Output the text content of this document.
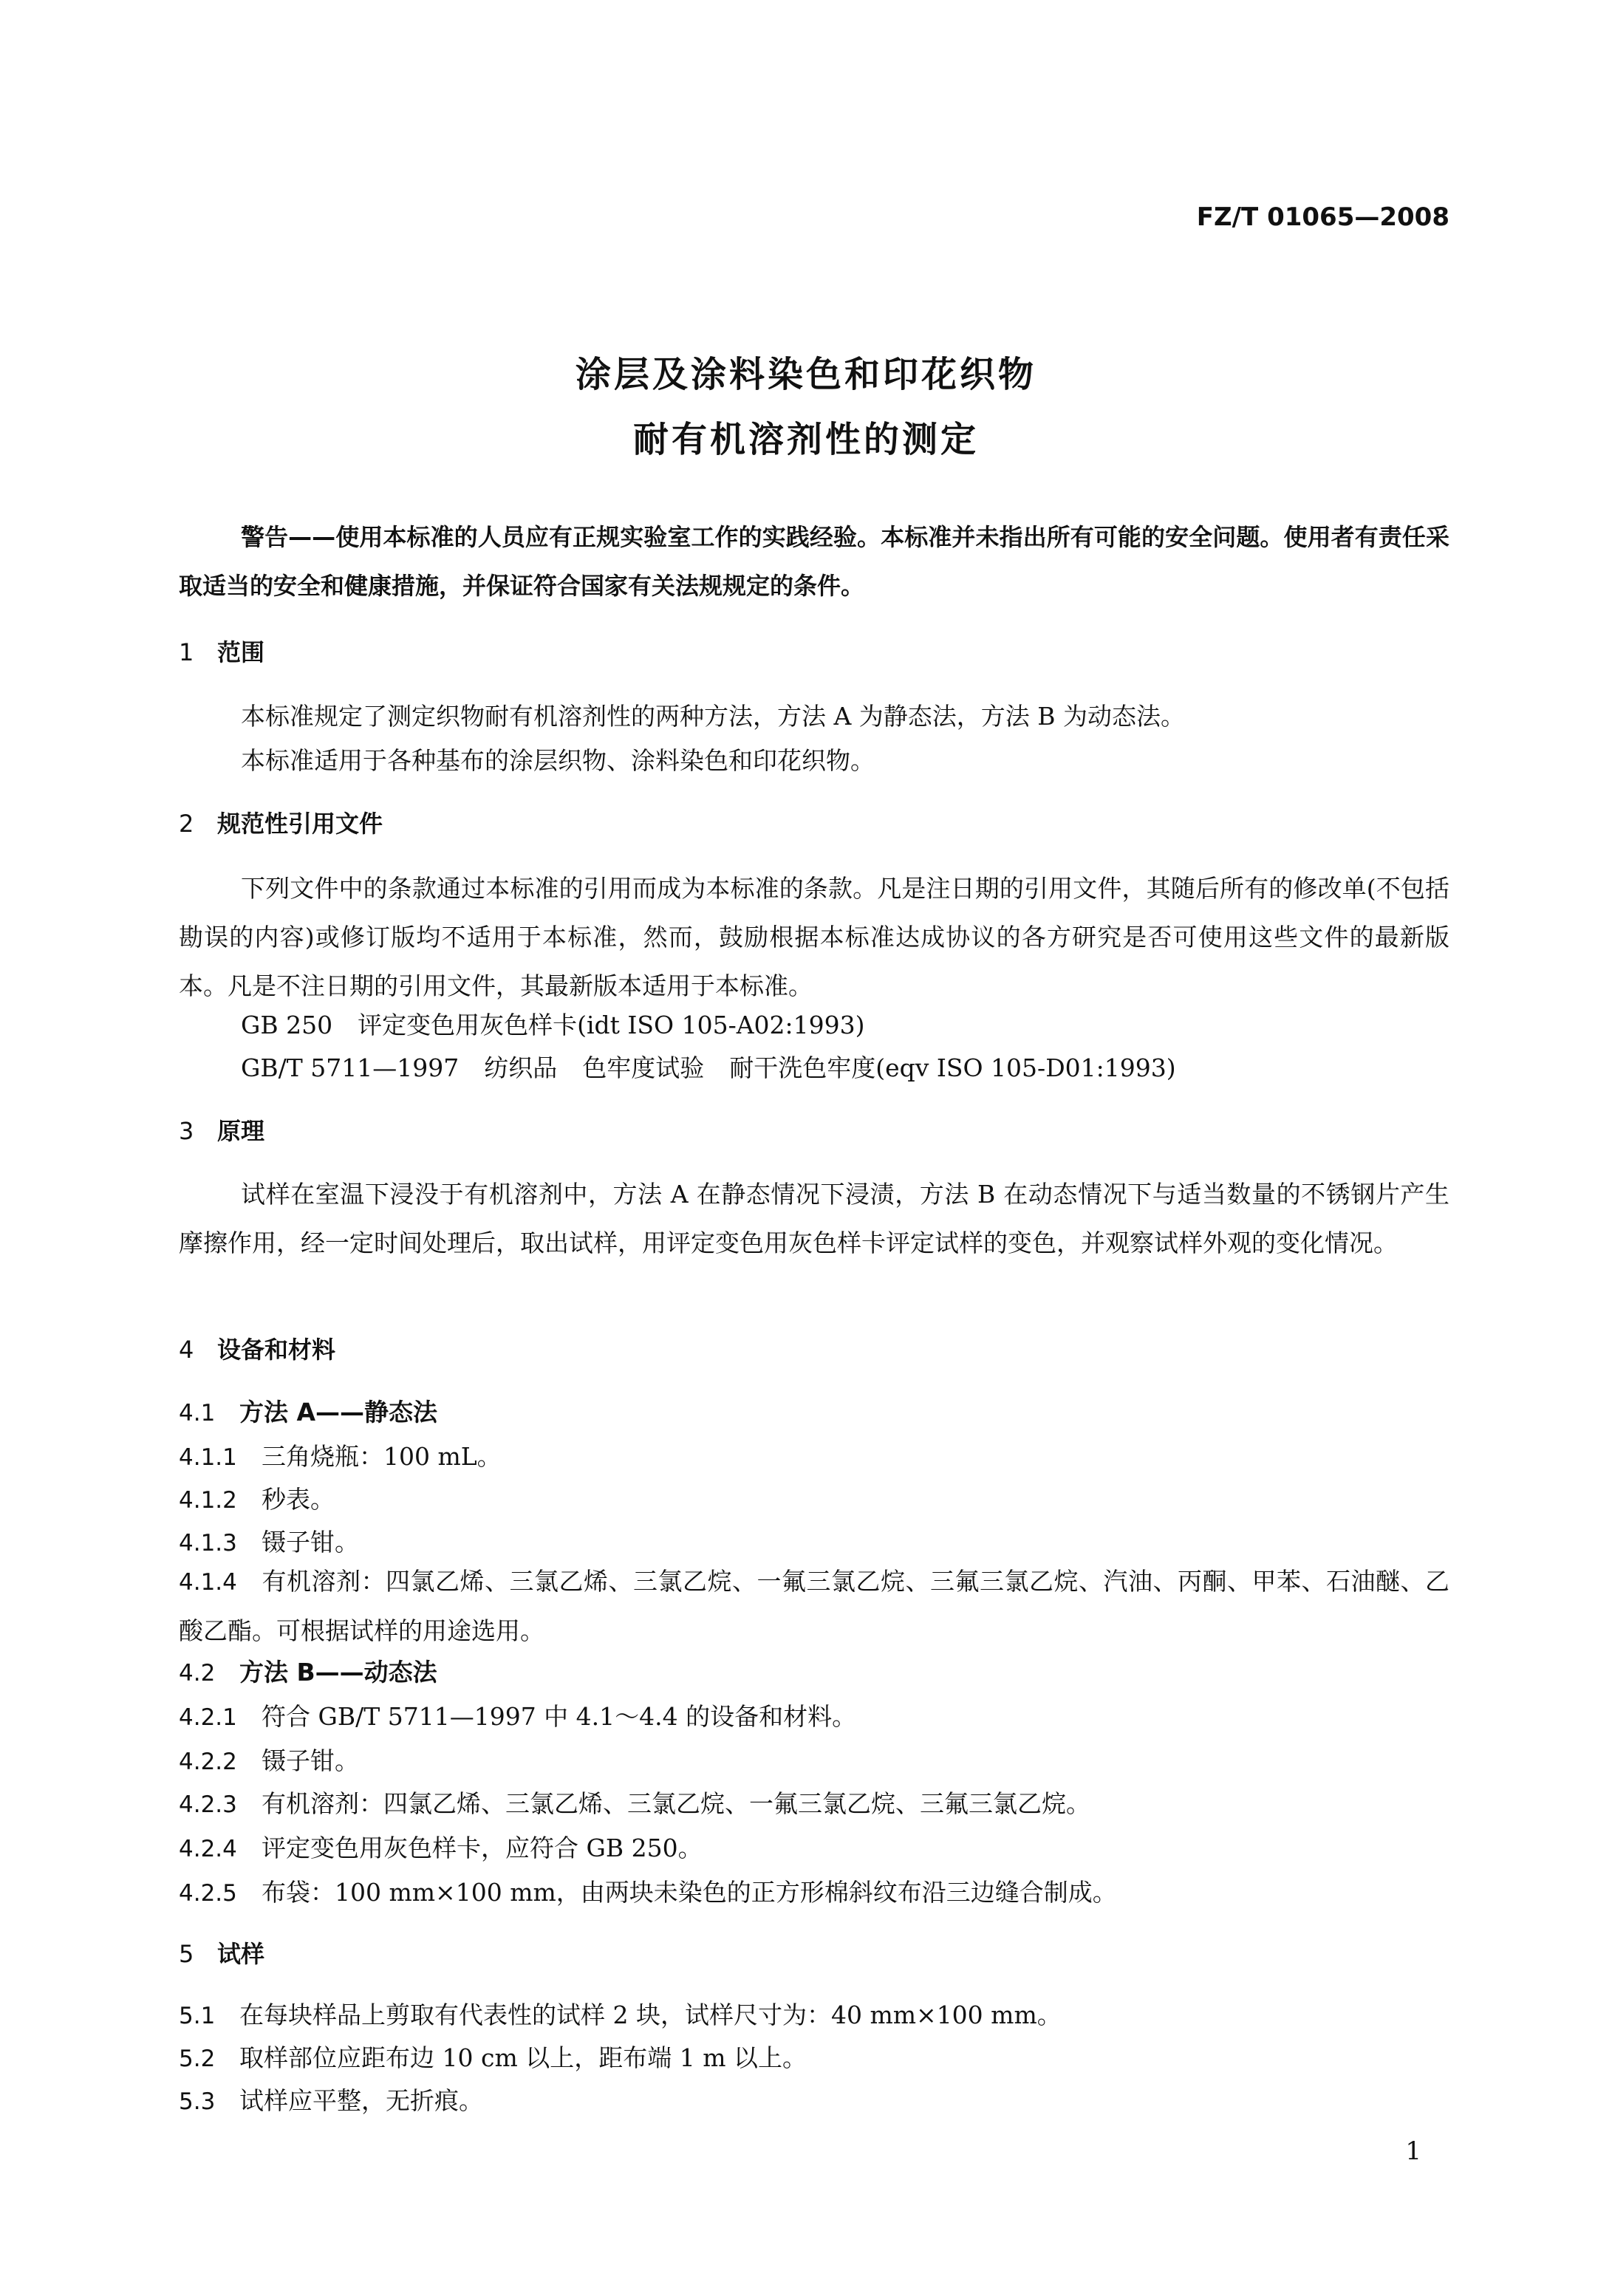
FZ/T 01065—2008
涂层及涂料染色和印花织物
耐有机溶剂性的测定

警告——使用本标准的人员应有正规实验室工作的实践经验。本标准并未指出所有可能的安全问题。使用者有责任采取适当的安全和健康措施，并保证符合国家有关法规规定的条件。

1 范围
本标准规定了测定织物耐有机溶剂性的两种方法，方法 A 为静态法，方法 B 为动态法。
本标准适用于各种基布的涂层织物、涂料染色和印花织物。
2 规范性引用文件

下列文件中的条款通过本标准的引用而成为本标准的条款。凡是注日期的引用文件，其随后所有的修改单(不包括勘误的内容)或修订版均不适用于本标准，然而，鼓励根据本标准达成协议的各方研究是否可使用这些文件的最新版本。凡是不注日期的引用文件，其最新版本适用于本标准。

GB 250 评定变色用灰色样卡(idt ISO 105-A02:1993)
GB/T 5711—1997 纺织品 色牢度试验 耐干洗色牢度(eqv ISO 105-D01:1993)
3 原理

试样在室温下浸没于有机溶剂中，方法 A 在静态情况下浸渍，方法 B 在动态情况下与适当数量的不锈钢片产生摩擦作用，经一定时间处理后，取出试样，用评定变色用灰色样卡评定试样的变色，并观察试样外观的变化情况。

4 设备和材料
4.1 方法 A——静态法
4.1.1 三角烧瓶：100 mL。
4.1.2 秒表。
4.1.3 镊子钳。

4.1.4 有机溶剂：四氯乙烯、三氯乙烯、三氯乙烷、一氟三氯乙烷、三氟三氯乙烷、汽油、丙酮、甲苯、石油醚、乙酸乙酯。可根据试样的用途选用。

4.2 方法 B——动态法
4.2.1 符合 GB/T 5711—1997 中 4.1～4.4 的设备和材料。
4.2.2 镊子钳。
4.2.3 有机溶剂：四氯乙烯、三氯乙烯、三氯乙烷、一氟三氯乙烷、三氟三氯乙烷。
4.2.4 评定变色用灰色样卡，应符合 GB 250。
4.2.5 布袋：100 mm×100 mm，由两块未染色的正方形棉斜纹布沿三边缝合制成。
5 试样
5.1 在每块样品上剪取有代表性的试样 2 块，试样尺寸为：40 mm×100 mm。
5.2 取样部位应距布边 10 cm 以上，距布端 1 m 以上。
5.3 试样应平整，无折痕。
1
